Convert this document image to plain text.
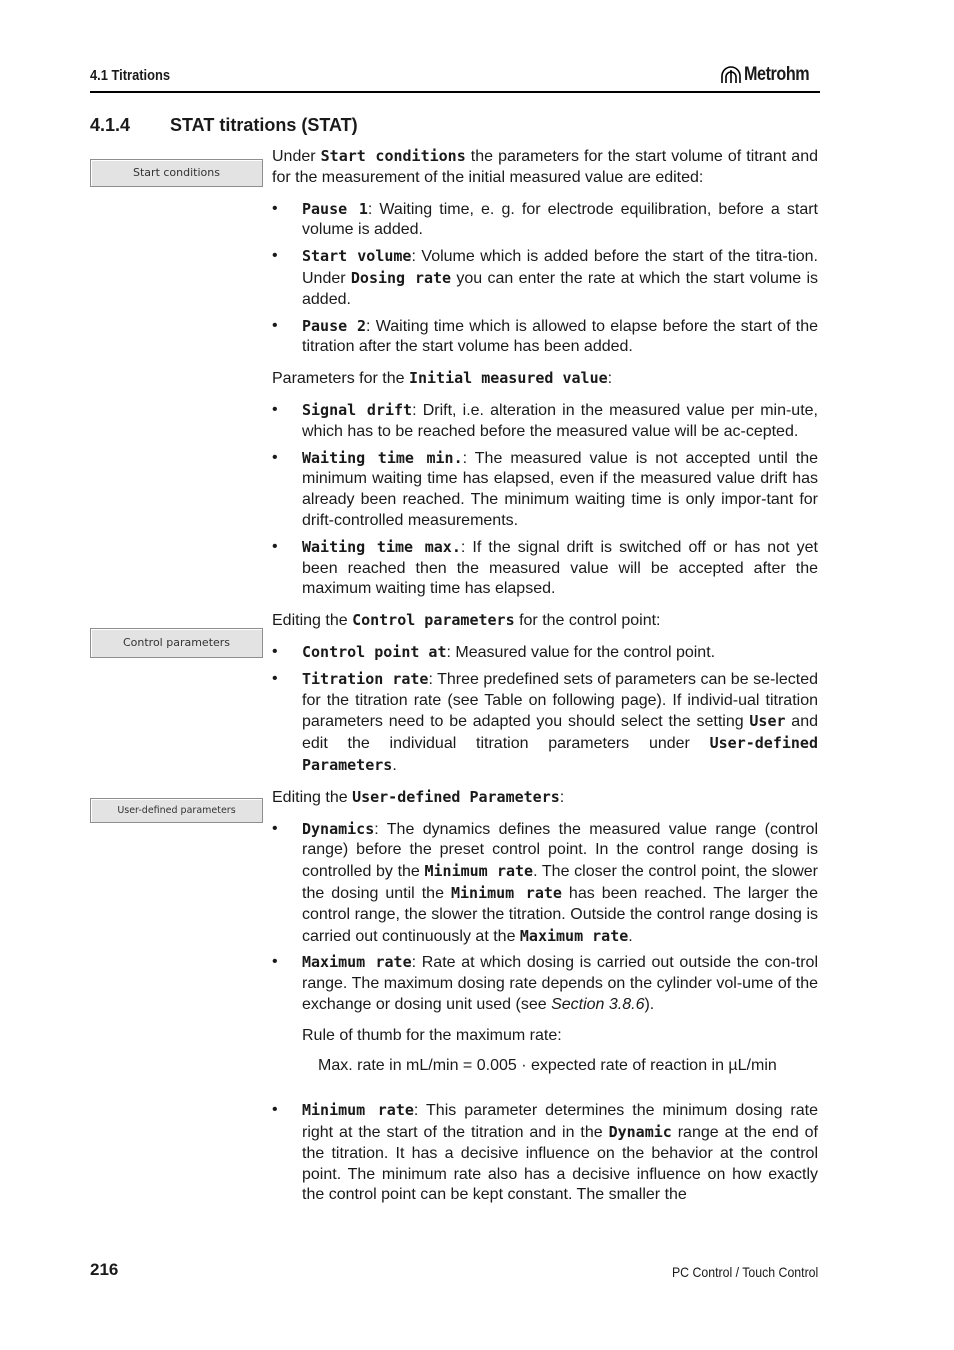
4.1 Titrations	Metrohm
4.1.4 STAT titrations (STAT)
Start conditions
Control parameters
User-defined parameters

Under Start conditions the parameters for the start volume of titrant and for the measurement of the initial measured value are edited:

• Pause 1: Waiting time, e. g. for electrode equilibration, before a start volume is added.
• Start volume: Volume which is added before the start of the titra-tion. Under Dosing rate you can enter the rate at which the start volume is added.
• Pause 2: Waiting time which is allowed to elapse before the start of the titration after the start volume has been added.

Parameters for the Initial measured value:

• Signal drift: Drift, i.e. alteration in the measured value per min-ute, which has to be reached before the measured value will be ac-cepted.
• Waiting time min.: The measured value is not accepted until the minimum waiting time has elapsed, even if the measured value drift has already been reached. The minimum waiting time is only impor-tant for drift-controlled measurements.
• Waiting time max.: If the signal drift is switched off or has not yet been reached then the measured value will be accepted after the maximum waiting time has elapsed.

Editing the Control parameters for the control point:

• Control point at: Measured value for the control point.
• Titration rate: Three predefined sets of parameters can be se-lected for the titration rate (see Table on following page). If individ-ual titration parameters need to be adapted you should select the setting User and edit the individual titration parameters under User-defined Parameters.

Editing the User-defined Parameters:

• Dynamics: The dynamics defines the measured value range (control range) before the preset control point. In the control range dosing is controlled by the Minimum rate. The closer the control point, the slower the dosing until the Minimum rate has been reached. The larger the control range, the slower the titration. Outside the control range dosing is carried out continuously at the Maximum rate.
• Maximum rate: Rate at which dosing is carried out outside the con-trol range. The maximum dosing rate depends on the cylinder vol-ume of the exchange or dosing unit used (see Section 3.8.6).

Rule of thumb for the maximum rate:

Max. rate in mL/min = 0.005 · expected rate of reaction in µL/min
• Minimum rate: This parameter determines the minimum dosing rate right at the start of the titration and in the Dynamic range at the end of the titration. It has a decisive influence on the behavior at the control point. The minimum rate also has a decisive influence on how exactly the control point can be kept constant. The smaller the
216	PC Control / Touch Control
